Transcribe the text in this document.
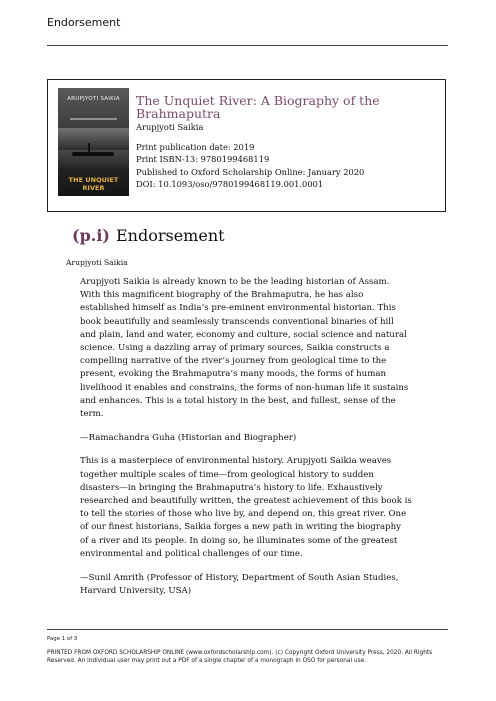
Endorsement
ARUPJYOTI SAIKIA
THE UNQUIET RIVER
The Unquiet River: A Biography of the Brahmaputra
Arupjyoti Saikia
Print publication date: 2019
Print ISBN-13: 9780199468119
Published to Oxford Scholarship Online: January 2020
DOI: 10.1093/oso/9780199468119.001.0001
(p.i) Endorsement
Arupjyoti Saikia

Arupjyoti Saikia is already known to be the leading historian of Assam. With this magnificent biography of the Brahmaputra, he has also established himself as India’s pre-eminent environmental historian. This book beautifully and seamlessly transcends conventional binaries of hill and plain, land and water, economy and culture, social science and natural science. Using a dazzling array of primary sources, Saikia constructs a compelling narrative of the river’s journey from geological time to the present, evoking the Brahmaputra’s many moods, the forms of human livelihood it enables and constrains, the forms of non-human life it sustains and enhances. This is a total history in the best, and fullest, sense of the term.

—Ramachandra Guha (Historian and Biographer)

This is a masterpiece of environmental history. Arupjyoti Saikia weaves together multiple scales of time—from geological history to sudden disasters—in bringing the Brahmaputra’s history to life. Exhaustively researched and beautifully written, the greatest achievement of this book is to tell the stories of those who live by, and depend on, this great river. One of our finest historians, Saikia forges a new path in writing the biography of a river and its people. In doing so, he illuminates some of the greatest environmental and political challenges of our time.

—Sunil Amrith (Professor of History, Department of South Asian Studies, Harvard University, USA)

Page 1 of 3
PRINTED FROM OXFORD SCHOLARSHIP ONLINE (www.oxfordscholarship.com). (c) Copyright Oxford University Press, 2020. All Rights Reserved. An individual user may print out a PDF of a single chapter of a monograph in OSO for personal use.
